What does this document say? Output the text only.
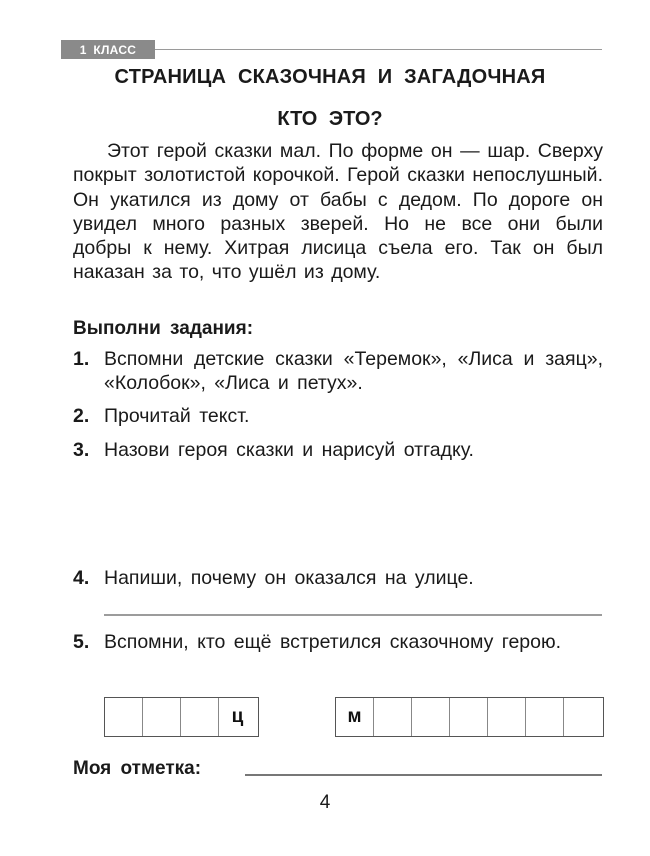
1 КЛАСС
СТРАНИЦА СКАЗОЧНАЯ И ЗАГАДОЧНАЯ
КТО ЭТО?
Этот герой сказки мал. По форме он — шар. Сверху покрыт золотистой корочкой. Герой сказки непослушный. Он укатился из дому от бабы с дедом. По дороге он увидел много разных зверей. Но не все они были добры к нему. Хитрая лисица съела его. Так он был наказан за то, что ушёл из дому.
Выполни задания:
1. Вспомни детские сказки «Теремок», «Лиса и заяц», «Колобок», «Лиса и петух».
2. Прочитай текст.
3. Назови героя сказки и нарисуй отгадку.
4. Напиши, почему он оказался на улице.
5. Вспомни, кто ещё встретился сказочному герою.
ц	м
Моя отметка:
4
